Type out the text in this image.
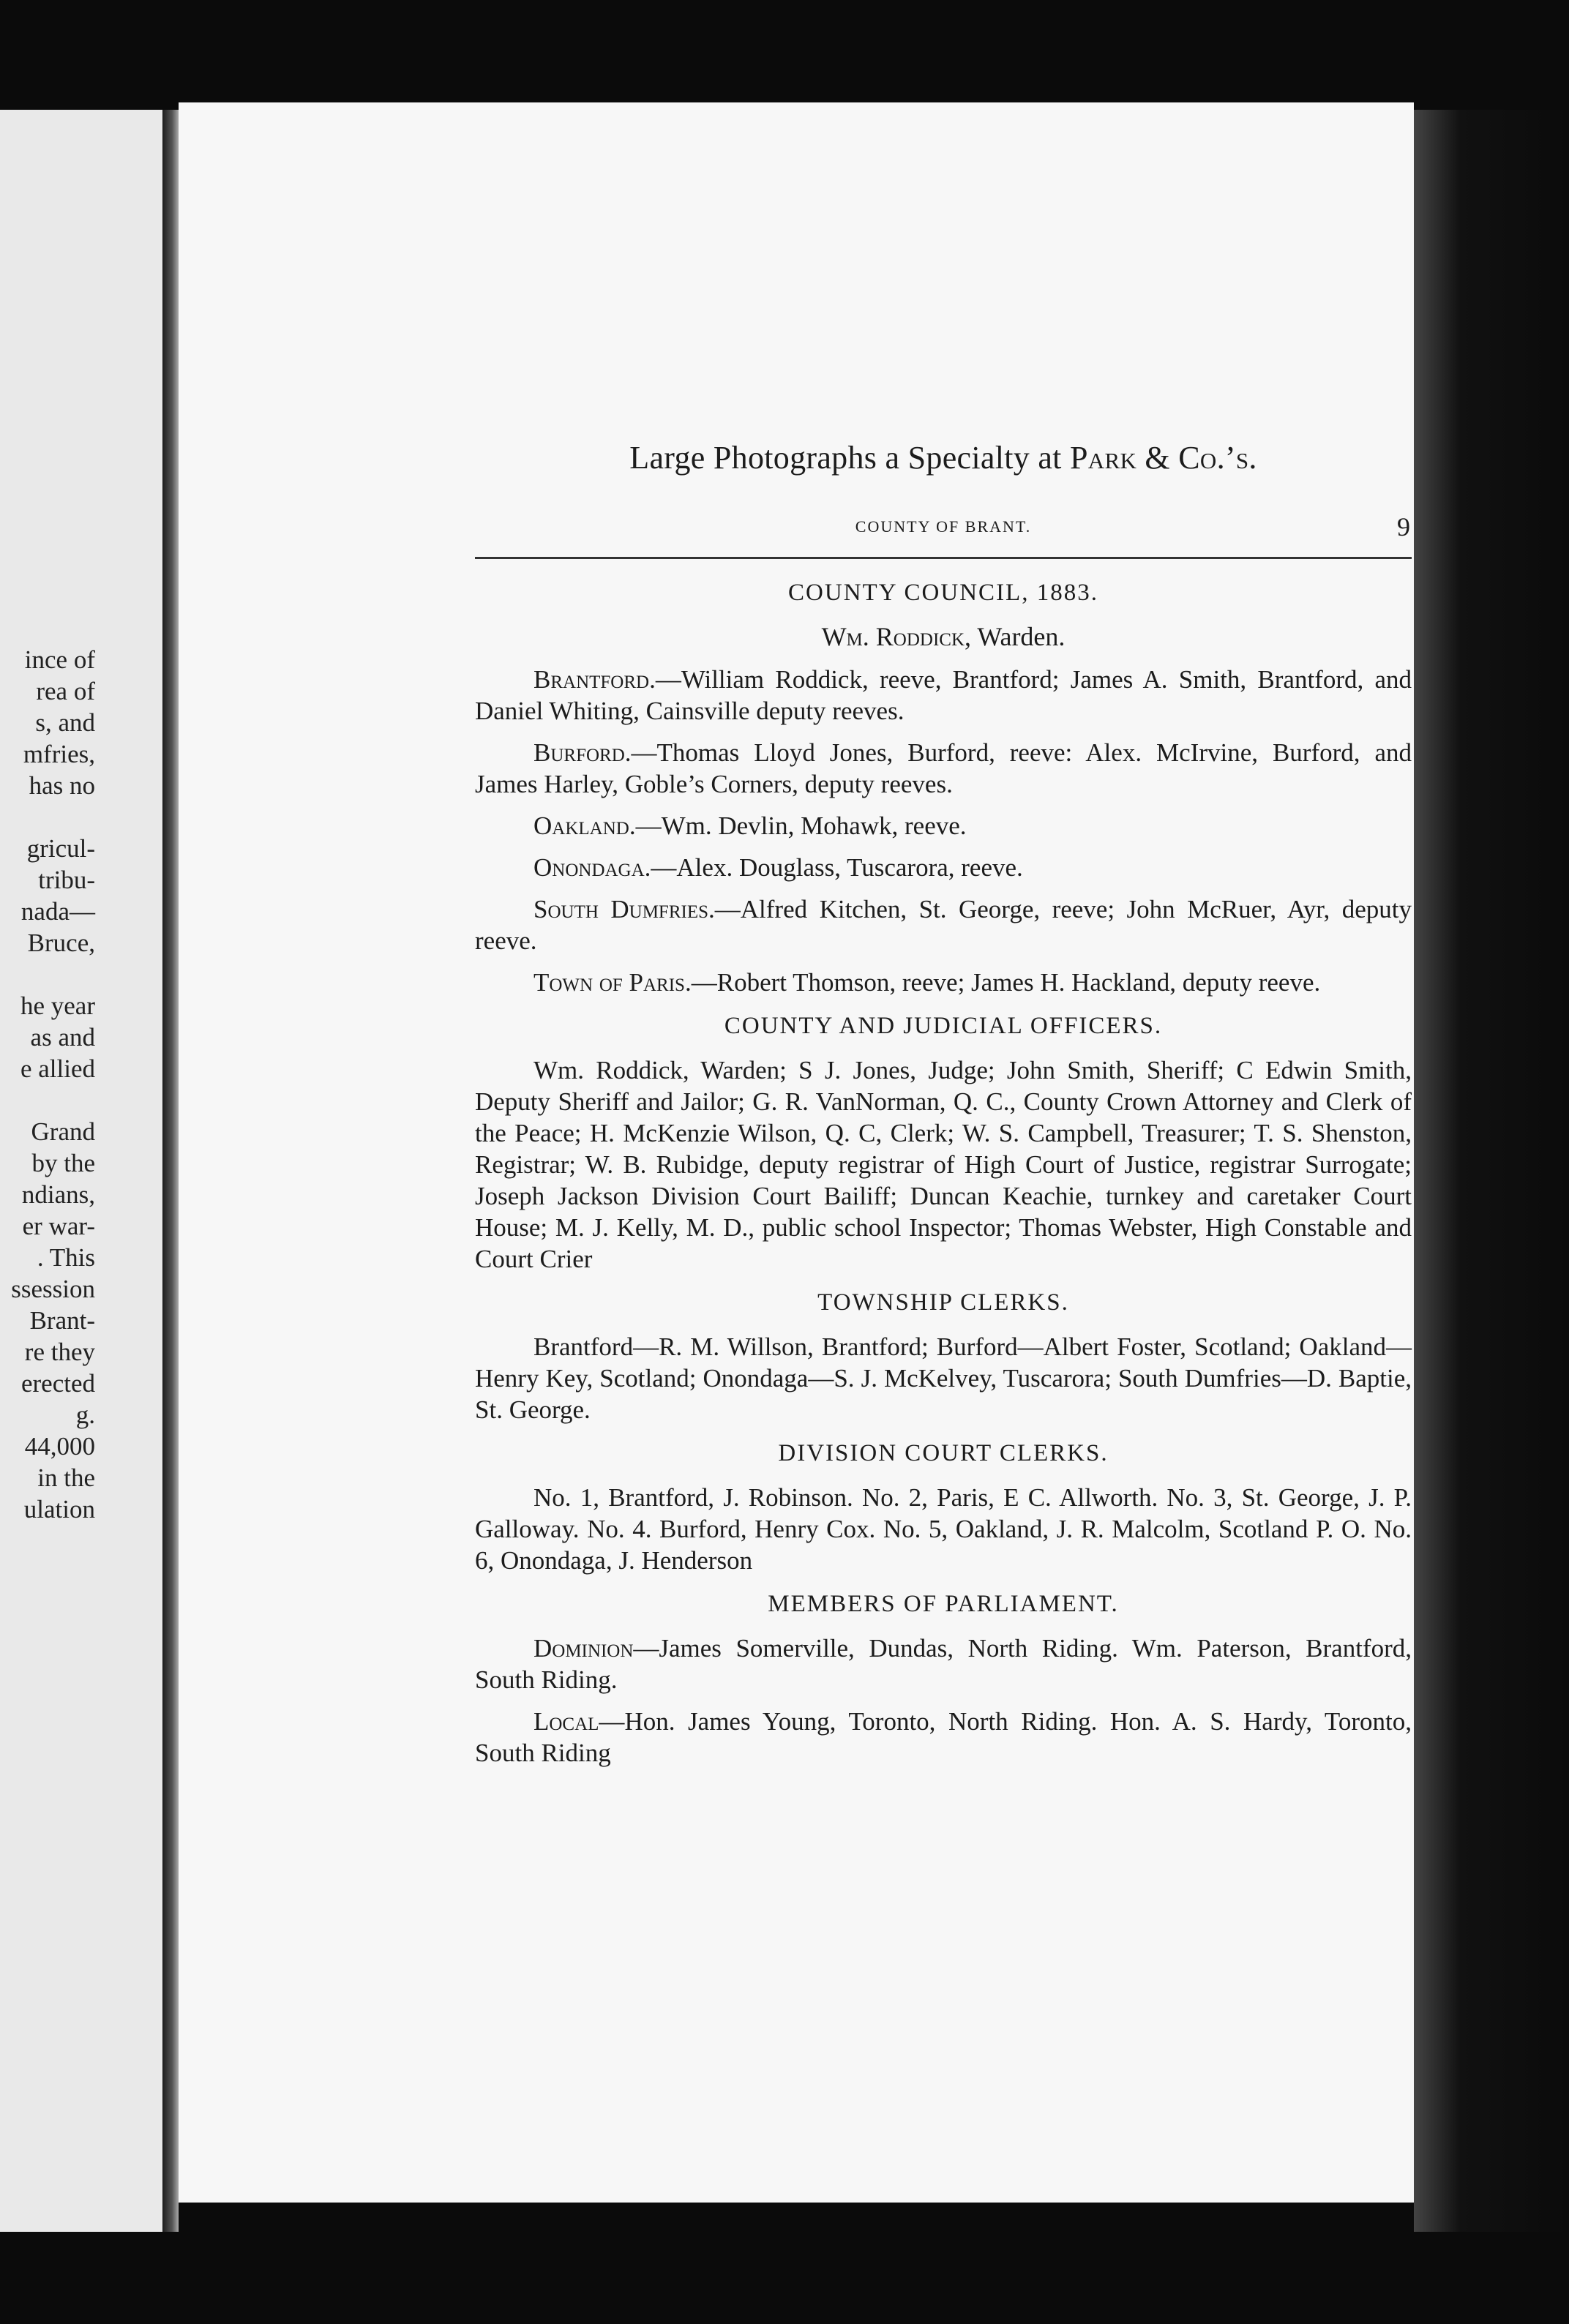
ince of
rea of
s, and
mfries,
has no
gricul-
tribu-
nada—
Bruce,
he year
as and
e allied
Grand
by the
ndians,
er war-
. This
ssession
Brant-
re they
erected
g.
44,000
in the
ulation
Large Photographs a Specialty at Park & Co.’s.
COUNTY OF BRANT.	9
COUNTY COUNCIL, 1883.
Wm. Roddick, Warden.

Brantford.—William Roddick, reeve, Brantford; James A. Smith, Brantford, and Daniel Whiting, Cainsville deputy reeves.

Burford.—Thomas Lloyd Jones, Burford, reeve: Alex. McIrvine, Burford, and James Harley, Goble’s Corners, deputy reeves.

Oakland.—Wm. Devlin, Mohawk, reeve.

Onondaga.—Alex. Douglass, Tuscarora, reeve.

South Dumfries.—Alfred Kitchen, St. George, reeve; John McRuer, Ayr, deputy reeve.

Town of Paris.—Robert Thomson, reeve; James H. Hackland, deputy reeve.

COUNTY AND JUDICIAL OFFICERS.

Wm. Roddick, Warden; S J. Jones, Judge; John Smith, Sheriff; C Edwin Smith, Deputy Sheriff and Jailor; G. R. VanNorman, Q. C., County Crown Attorney and Clerk of the Peace; H. McKenzie Wilson, Q. C, Clerk; W. S. Campbell, Treasurer; T. S. Shenston, Registrar; W. B. Rubidge, deputy registrar of High Court of Justice, registrar Surrogate; Joseph Jackson Division Court Bailiff; Duncan Keachie, turnkey and caretaker Court House; M. J. Kelly, M. D., public school Inspector; Thomas Webster, High Constable and Court Crier

TOWNSHIP CLERKS.

Brantford—R. M. Willson, Brantford; Burford—Albert Foster, Scotland; Oakland—Henry Key, Scotland; Onondaga—S. J. McKelvey, Tuscarora; South Dumfries—D. Baptie, St. George.

DIVISION COURT CLERKS.

No. 1, Brantford, J. Robinson. No. 2, Paris, E C. Allworth. No. 3, St. George, J. P. Galloway. No. 4. Burford, Henry Cox. No. 5, Oakland, J. R. Malcolm, Scotland P. O. No. 6, Onondaga, J. Henderson

MEMBERS OF PARLIAMENT.

Dominion—James Somerville, Dundas, North Riding. Wm. Paterson, Brantford, South Riding.

Local—Hon. James Young, Toronto, North Riding. Hon. A. S. Hardy, Toronto, South Riding
